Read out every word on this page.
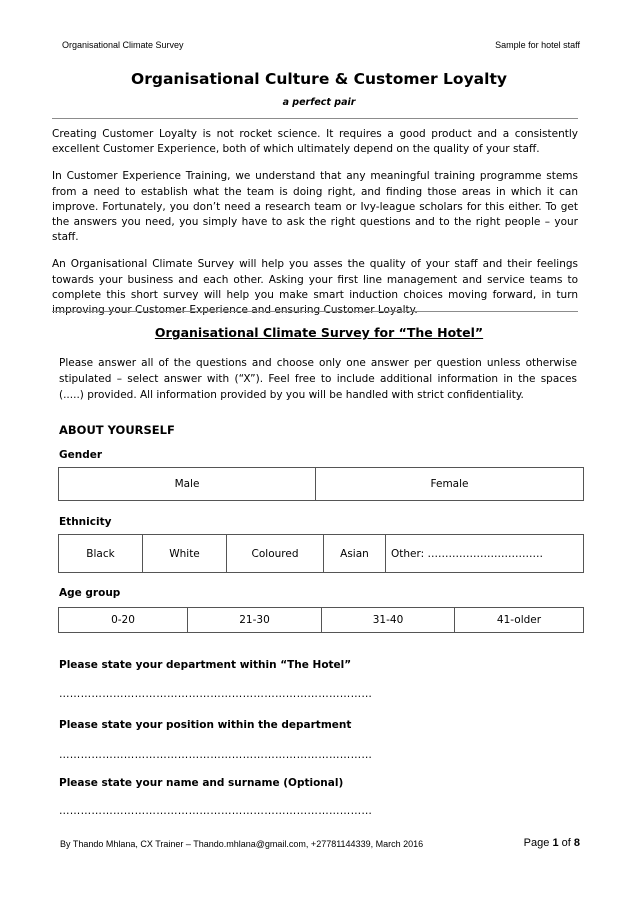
Organisational Climate Survey	Sample for hotel staff
Organisational Culture & Customer Loyalty
a perfect pair

Creating Customer Loyalty is not rocket science. It requires a good product and a consistently excellent Customer Experience, both of which ultimately depend on the quality of your staff.

In Customer Experience Training, we understand that any meaningful training programme stems from a need to establish what the team is doing right, and finding those areas in which it can improve. Fortunately, you don’t need a research team or Ivy-league scholars for this either. To get the answers you need, you simply have to ask the right questions and to the right people – your staff.

An Organisational Climate Survey will help you asses the quality of your staff and their feelings towards your business and each other. Asking your first line management and service teams to complete this short survey will help you make smart induction choices moving forward, in turn

Organisational Climate Survey for “The Hotel”
Please answer all of the questions and choose only one answer per question unless otherwise stipulated – select answer with (“X”). Feel free to include additional information in the spaces (.....) provided. All information provided by you will be handled with strict confidentiality.
ABOUT YOURSELF
Gender
Male	Female
Ethnicity
Black	White	Coloured	Asian	Other: ……………………………
Age group
0-20	21-30	31-40	41-older
Please state your department within “The Hotel”
……………………………………………………………………………
Please state your position within the department
……………………………………………………………………………
Please state your name and surname (Optional)
……………………………………………………………………………
By Thando Mhlana, CX Trainer – Thando.mhlana@gmail.com, +27781144339, March 2016	Page 1 of 8
